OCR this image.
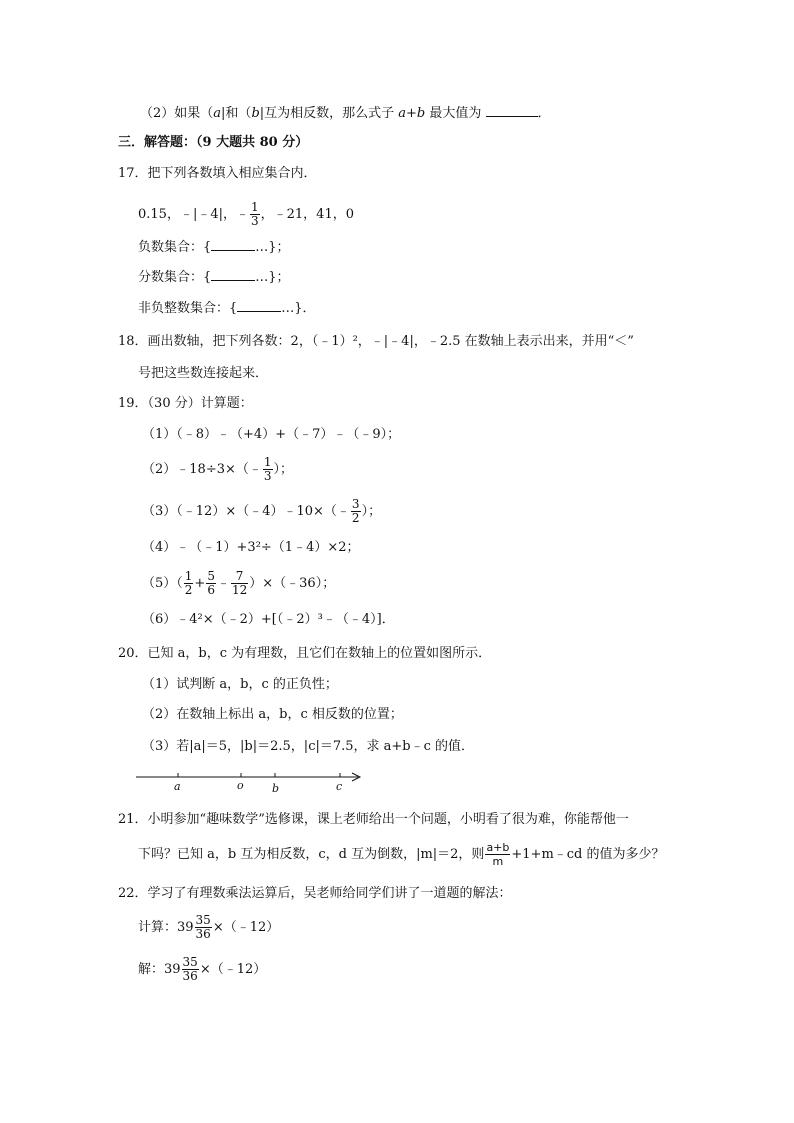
（2）如果（a|和（b|互为相反数，那么式子 a+b 最大值为	．
三．解答题：（9 大题共 80 分）
17．把下列各数填入相应集合内．
0.15，﹣|﹣4|，﹣ $\frac{1}{3}$ ，﹣21，41，0
负数集合：{	…}；
分数集合：{	…}；
非负整数集合：{	…}．
18．画出数轴，把下列各数：2，（﹣1）²，﹣|﹣4|，﹣2.5 在数轴上表示出来，并用“＜”
号把这些数连接起来．
19．（30 分）计算题：
（1）（﹣8）﹣（+4）+（﹣7）﹣（﹣9）；
（2）﹣18÷3×（﹣ $\frac{1}{3}$ ）；
（3）（﹣12）×（﹣4）﹣10×（﹣ $\frac{3}{2}$ ）；
（4）﹣（﹣1）+3²÷（1﹣4）×2；
$(5)( \frac{1}{2} + \frac{5}{6}$ ﹣ $\frac{7}{12}$ ）×（﹣36）；
（6）﹣4²×（﹣2）+[（﹣2）³﹣（﹣4）]．
20．已知 a，b，c 为有理数，且它们在数轴上的位置如图所示．
（1）试判断 a，b，c 的正负性；
（2）在数轴上标出 a，b，c 相反数的位置；
（3）若|a|＝5，|b|＝2.5，|c|＝7.5，求 a+b﹣c 的值．
a	o	b	c
21．小明参加“趣味数学”选修课，课上老师给出一个问题，小明看了很为难，你能帮他一
下吗？已知 a，b 互为相反数，c，d 互为倒数，|m|＝2，则 $\frac{a+b}{m}$ +1+m﹣cd 的值为多少？
22．学习了有理数乘法运算后，吴老师给同学们讲了一道题的解法：
计算：$39 \frac{35}{36}$ ×（﹣12）
解：$39 \frac{35}{36}$ ×（﹣12）
